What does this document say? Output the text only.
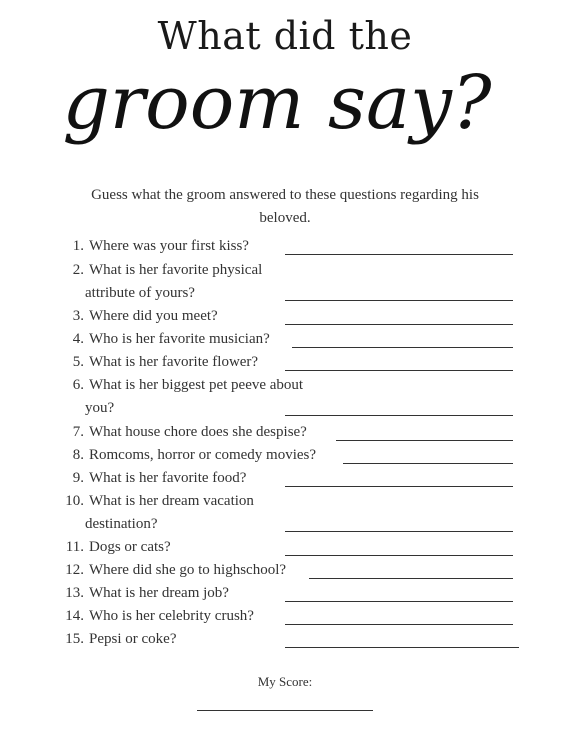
What did the
groom say?
Guess what the groom answered to these questions regarding his beloved.
1. Where was your first kiss?
2. What is her favorite physical
attribute of yours?
3. Where did you meet?
4. Who is her favorite musician?
5. What is her favorite flower?
6. What is her biggest pet peeve about
you?
7. What house chore does she despise?
8. Romcoms, horror or comedy movies?
9. What is her favorite food?
10. What is her dream vacation
destination?
11. Dogs or cats?
12. Where did she go to highschool?
13. What is her dream job?
14. Who is her celebrity crush?
15. Pepsi or coke?
My Score:
